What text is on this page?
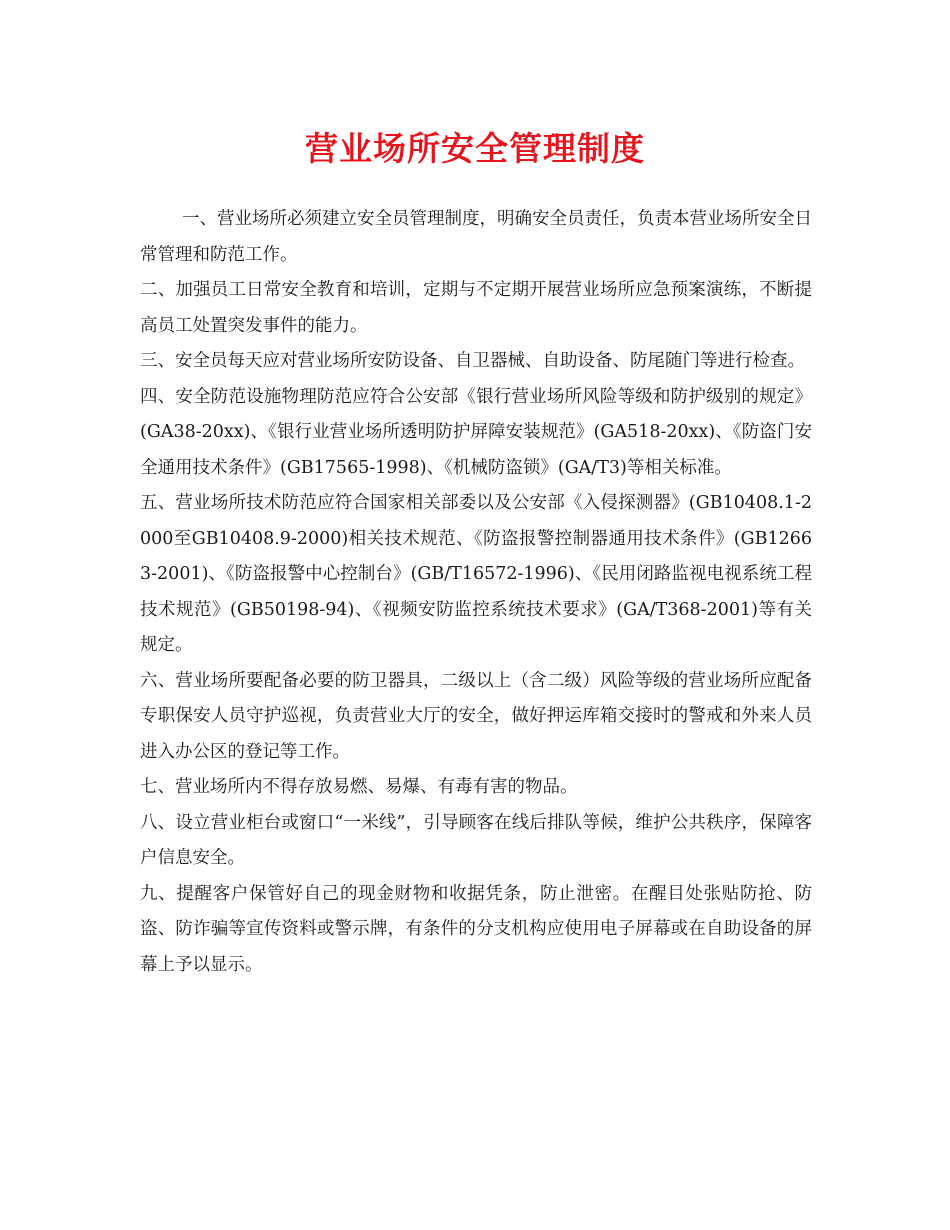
营业场所安全管理制度

一、营业场所必须建立安全员管理制度，明确安全员责任，负责本营业场所安全日常管理和防范工作。

二、加强员工日常安全教育和培训，定期与不定期开展营业场所应急预案演练，不断提高员工处置突发事件的能力。

三、安全员每天应对营业场所安防设备、自卫器械、自助设备、防尾随门等进行检查。

四、安全防范设施物理防范应符合公安部《银行营业场所风险等级和防护级别的规定》(GA38-20xx)、《银行业营业场所透明防护屏障安装规范》(GA518-20xx)、《防盗门安全通用技术条件》(GB17565-1998)、《机械防盗锁》(GA/T3)等相关标准。

五、营业场所技术防范应符合国家相关部委以及公安部《入侵探测器》(GB10408.1-2000至GB10408.9-2000)相关技术规范、《防盗报警控制器通用技术条件》(GB12663-2001)、《防盗报警中心控制台》(GB/T16572-1996)、《民用闭路监视电视系统工程技术规范》(GB50198-94)、《视频安防监控系统技术要求》(GA/T368-2001)等有关规定。

六、营业场所要配备必要的防卫器具，二级以上（含二级）风险等级的营业场所应配备专职保安人员守护巡视，负责营业大厅的安全，做好押运库箱交接时的警戒和外来人员进入办公区的登记等工作。

七、营业场所内不得存放易燃、易爆、有毒有害的物品。

八、设立营业柜台或窗口“一米线”，引导顾客在线后排队等候，维护公共秩序，保障客户信息安全。

九、提醒客户保管好自己的现金财物和收据凭条，防止泄密。在醒目处张贴防抢、防盗、防诈骗等宣传资料或警示牌，有条件的分支机构应使用电子屏幕或在自助设备的屏幕上予以显示。
